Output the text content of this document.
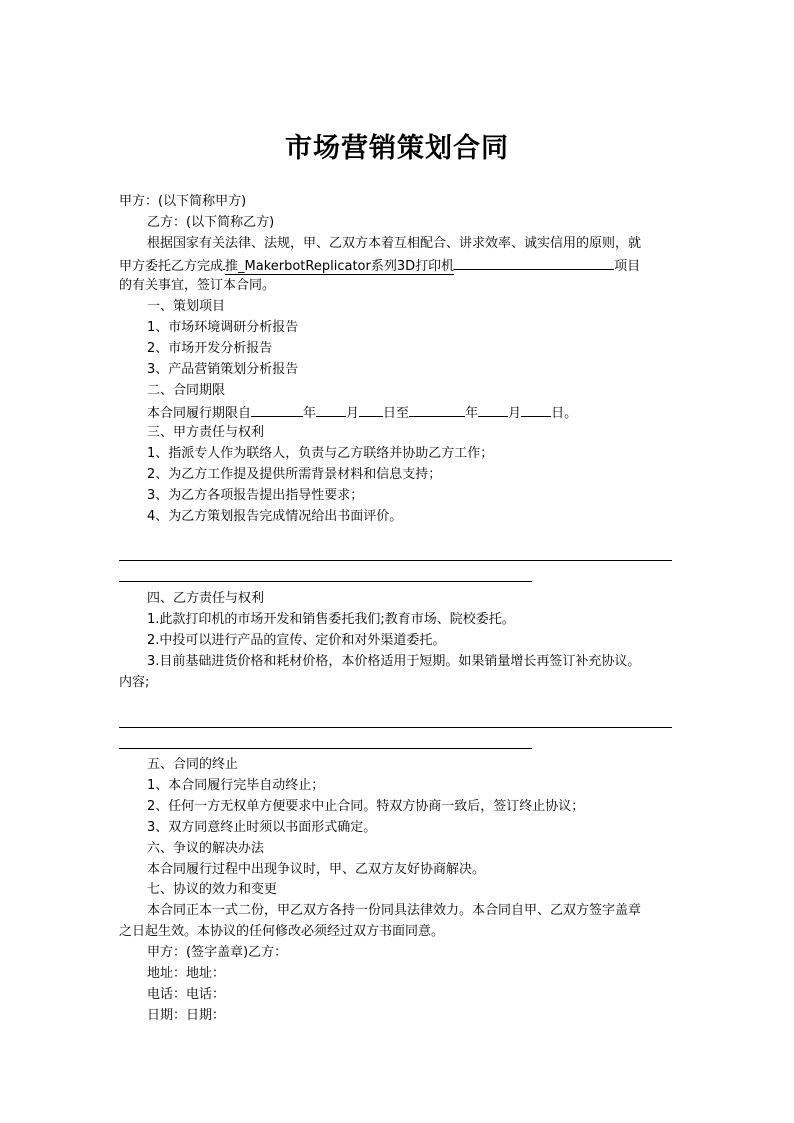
市场营销策划合同
甲方：(以下简称甲方)
乙方：(以下简称乙方)
根据国家有关法律、法规，甲、乙双方本着互相配合、讲求效率、诚实信用的原则，就
甲方委托乙方完成 推_MakerbotReplicator系列3D打印机	项目
的有关事宜，签订本合同。
一、策划项目
1、市场环境调研分析报告
2、市场开发分析报告
3、产品营销策划分析报告
二、合同期限
本合同履行期限自	年 月 日至	年 月 日。
三、甲方责任与权利
1、指派专人作为联络人，负责与乙方联络并协助乙方工作；
2、为乙方工作提及提供所需背景材料和信息支持；
3、为乙方各项报告提出指导性要求；
4、为乙方策划报告完成情况给出书面评价。
四、乙方责任与权利
1.此款打印机的市场开发和销售委托我们;教育市场、院校委托。
2.中投可以进行产品的宣传、定价和对外渠道委托。
3.目前基础进货价格和耗材价格，本价格适用于短期。如果销量增长再签订补充协议。
内容;
五、合同的终止
1、本合同履行完毕自动终止；
2、任何一方无权单方便要求中止合同。特双方协商一致后，签订终止协议；
3、双方同意终止时须以书面形式确定。
六、争议的解决办法
本合同履行过程中出现争议时，甲、乙双方友好协商解决。
七、协议的效力和变更
本合同正本一式二份，甲乙双方各持一份同具法律效力。本合同自甲、乙双方签字盖章
之日起生效。本协议的任何修改必须经过双方书面同意。
甲方：(签字盖章)乙方：
地址：地址：
电话：电话：
日期：日期：
